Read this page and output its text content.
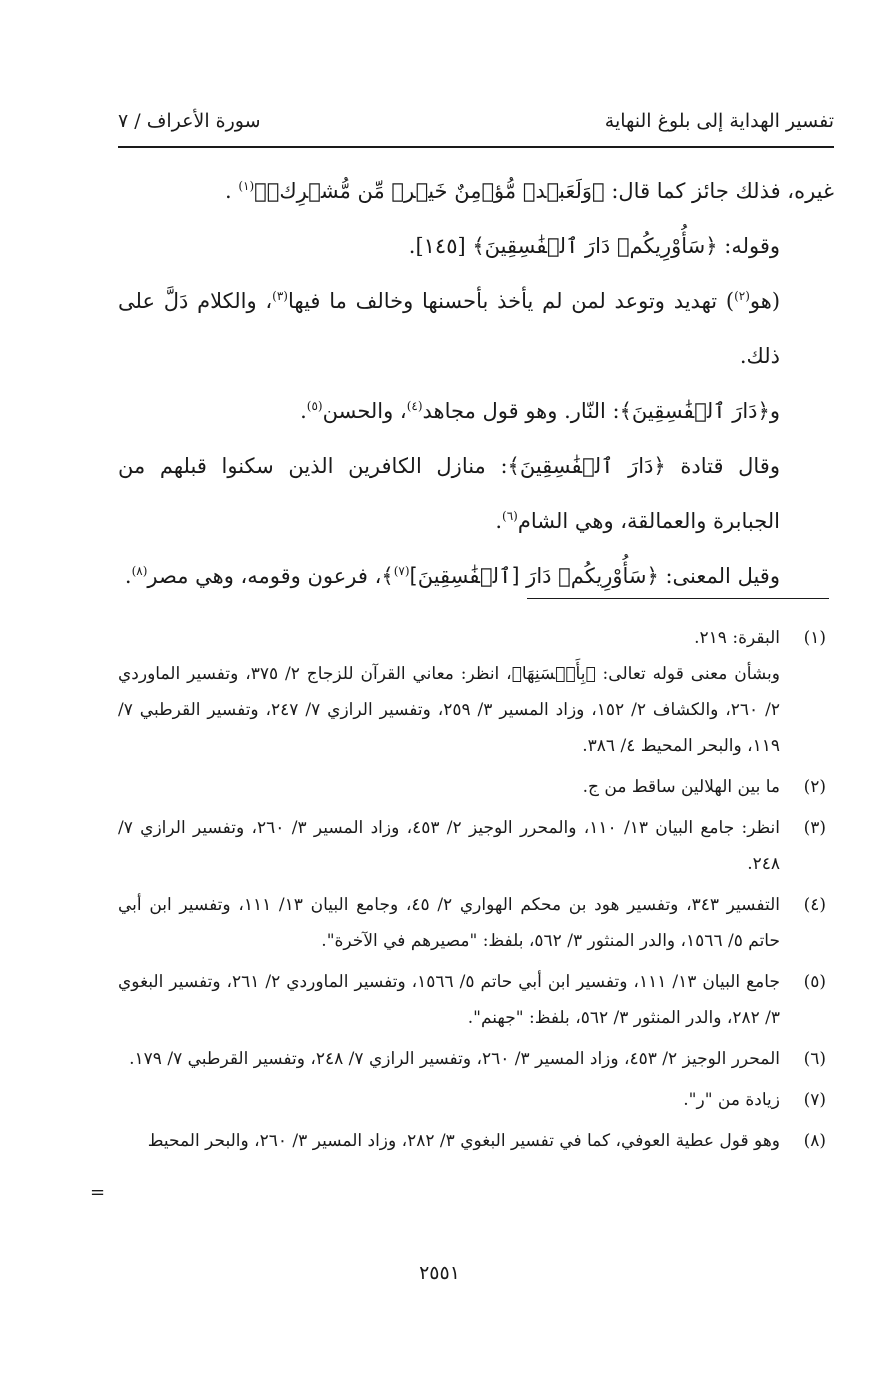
تفسير الهداية إلى بلوغ النهاية
سورة الأعراف / ٧

غيره، فذلك جائز كما قال: ﴿وَلَعَبۡدٞ مُّؤۡمِنٌ خَيۡرٞ مِّن مُّشۡرِكٖ﴾$^{(١)}$ .

وقوله: ﴿سَأُوْرِيكُمۡ دَارَ ٱلۡفَٰسِقِينَ﴾ [١٤٥].

(هو$^{(٢)}$) تهديد وتوعد لمن لم يأخذ بأحسنها وخالف ما فيها$^{(٣)}$، والكلام دَلَّ على ذلك.

و﴿دَارَ ٱلۡفَٰسِقِينَ﴾: النّار. وهو قول مجاهد$^{(٤)}$، والحسن$^{(٥)}$.

وقال قتادة ﴿دَارَ ٱلۡفَٰسِقِينَ﴾: منازل الكافرين الذين سكنوا قبلهم من الجبابرة والعمالقة، وهي الشام$^{(٦)}$.

وقيل المعنى: ﴿سَأُوْرِيكُمۡ دَارَ [ٱلۡفَٰسِقِينَ]$^{(٧)}$﴾، فرعون وقومه، وهي مصر$^{(٨)}$.

(١)
البقرة: ٢١٩.
وبشأن معنى قوله تعالى: ﴿بِأَحۡسَنِهَا﴾، انظر: معاني القرآن للزجاج ٢/ ٣٧٥، وتفسير الماوردي ٢/ ٢٦٠، والكشاف ٢/ ١٥٢، وزاد المسير ٣/ ٢٥٩، وتفسير الرازي ٧/ ٢٤٧، وتفسير القرطبي ٧/ ١١٩، والبحر المحيط ٤/ ٣٨٦.
(٢)
ما بين الهلالين ساقط من ج.
(٣)
انظر: جامع البيان ١٣/ ١١٠، والمحرر الوجيز ٢/ ٤٥٣، وزاد المسير ٣/ ٢٦٠، وتفسير الرازي ٧/ ٢٤٨.
(٤)
التفسير ٣٤٣، وتفسير هود بن محكم الهواري ٢/ ٤٥، وجامع البيان ١٣/ ١١١، وتفسير ابن أبي حاتم ٥/ ١٥٦٦، والدر المنثور ٣/ ٥٦٢، بلفظ: "مصيرهم في الآخرة".
(٥)
جامع البيان ١٣/ ١١١، وتفسير ابن أبي حاتم ٥/ ١٥٦٦، وتفسير الماوردي ٢/ ٢٦١، وتفسير البغوي ٣/ ٢٨٢، والدر المنثور ٣/ ٥٦٢، بلفظ: "جهنم".
(٦)
المحرر الوجيز ٢/ ٤٥٣، وزاد المسير ٣/ ٢٦٠، وتفسير الرازي ٧/ ٢٤٨، وتفسير القرطبي ٧/ ١٧٩.
(٧)
زيادة من "ر".
(٨)
وهو قول عطية العوفي، كما في تفسير البغوي ٣/ ٢٨٢، وزاد المسير ٣/ ٢٦٠، والبحر المحيط
=
٢٥٥١
